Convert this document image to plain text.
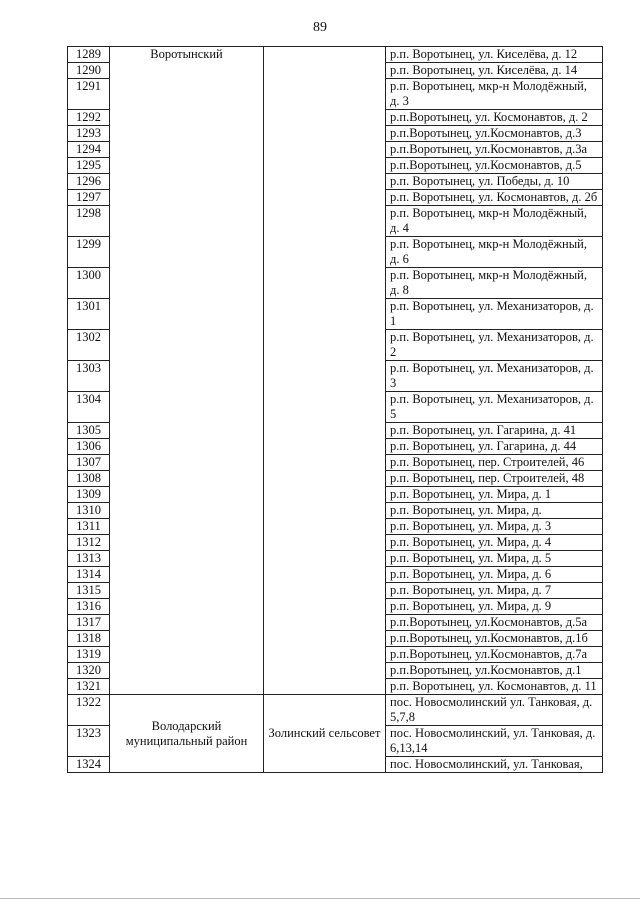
89
1289	Воротынский		р.п. Воротынец, ул. Киселёва, д. 12
1290			р.п. Воротынец, ул. Киселёва, д. 14
1291			р.п. Воротынец, мкр-н Молодёжный, д. 3
1292			р.п.Воротынец, ул. Космонавтов, д. 2
1293			р.п.Воротынец, ул.Космонавтов, д.3
1294			р.п.Воротынец, ул.Космонавтов, д.3а
1295			р.п.Воротынец, ул.Космонавтов, д.5
1296			р.п. Воротынец, ул. Победы, д. 10
1297			р.п. Воротынец, ул. Космонавтов, д. 2б
1298			р.п. Воротынец, мкр-н Молодёжный, д. 4
1299			р.п. Воротынец, мкр-н Молодёжный, д. 6
1300			р.п. Воротынец, мкр-н Молодёжный, д. 8
1301			р.п. Воротынец, ул. Механизаторов, д. 1
1302			р.п. Воротынец, ул. Механизаторов, д. 2
1303			р.п. Воротынец, ул. Механизаторов, д. 3
1304			р.п. Воротынец, ул. Механизаторов, д. 5
1305			р.п. Воротынец, ул. Гагарина, д. 41
1306			р.п. Воротынец, ул. Гагарина, д. 44
1307			р.п. Воротынец, пер. Строителей, 46
1308			р.п. Воротынец, пер. Строителей, 48
1309			р.п. Воротынец, ул. Мира, д. 1
1310			р.п. Воротынец, ул. Мира, д.
1311			р.п. Воротынец, ул. Мира, д. 3
1312			р.п. Воротынец, ул. Мира, д. 4
1313			р.п. Воротынец, ул. Мира, д. 5
1314			р.п. Воротынец, ул. Мира, д. 6
1315			р.п. Воротынец, ул. Мира, д. 7
1316			р.п. Воротынец, ул. Мира, д. 9
1317			р.п.Воротынец, ул.Космонавтов, д.5а
1318			р.п.Воротынец, ул.Космонавтов, д.1б
1319			р.п.Воротынец, ул.Космонавтов, д.7а
1320			р.п.Воротынец, ул.Космонавтов, д.1
1321			р.п. Воротынец, ул. Космонавтов, д. 11
1322	Володарский муниципальный район	Золинский сельсовет	пос. Новосмолинский ул. Танковая, д. 5,7,8
1323			пос. Новосмолинский, ул. Танковая, д. 6,13,14
1324			пос. Новосмолинский, ул. Танковая,
